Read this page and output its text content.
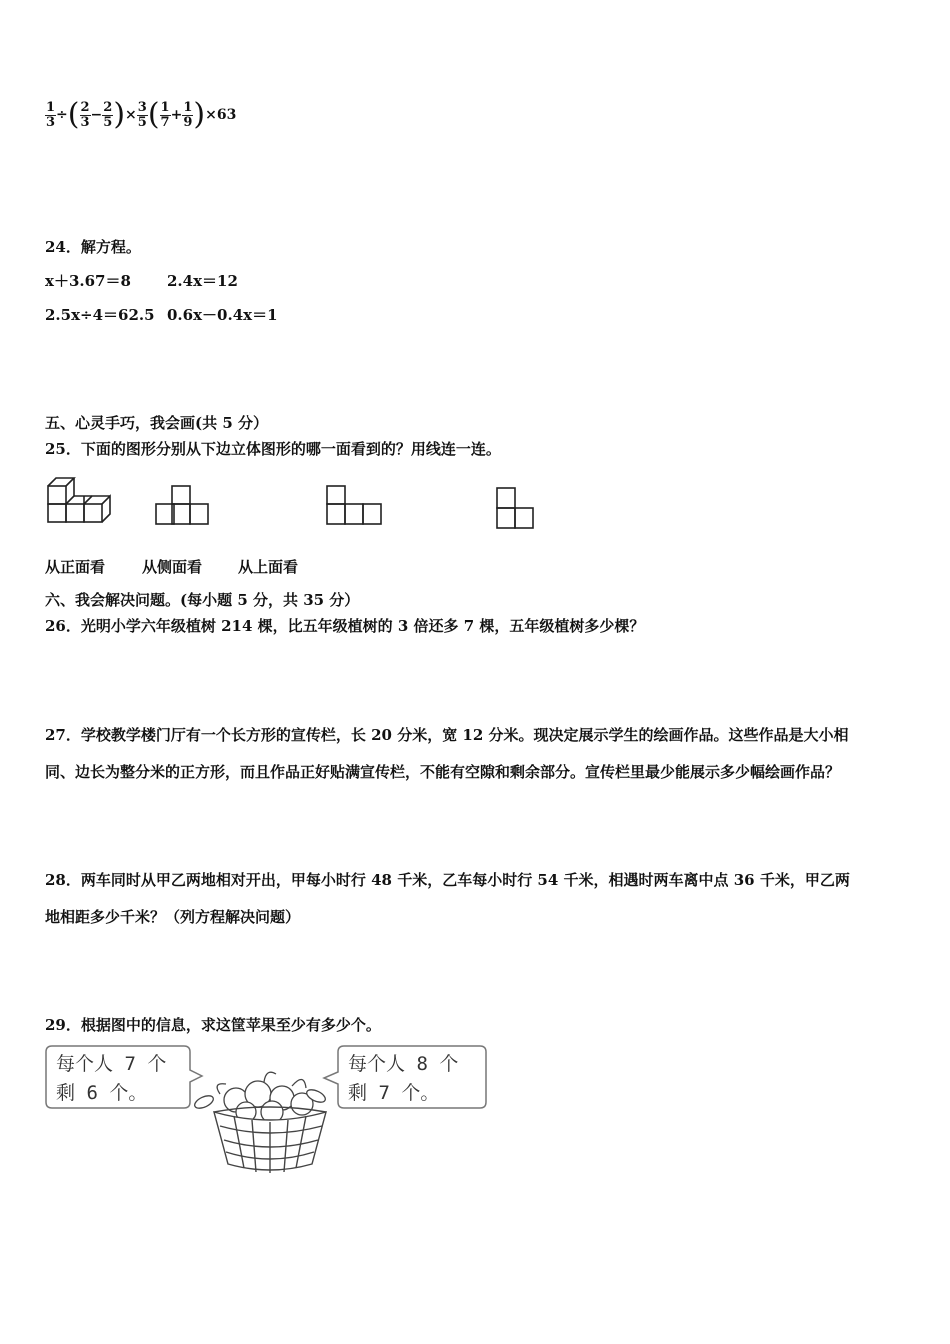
$\frac{1}{3}$ ÷( $\frac{2}{3} - \frac{2}{5}$ )× $\frac{3}{5}$ ( $\frac{1}{7} + \frac{1}{9} )\times 63$
24．解方程。
x＋3.67＝8 2.4x＝12
2.5x÷4＝62.5 0.6x－0.4x＝1
五、心灵手巧，我会画(共 5 分）
25．下面的图形分别从下边立体图形的哪一面看到的？用线连一连。
从正面看 从侧面看 从上面看
六、我会解决问题。(每小题 5 分，共 35 分）
26．光明小学六年级植树 214 棵，比五年级植树的 3 倍还多 7 棵，五年级植树多少棵？
27．学校教学楼门厅有一个长方形的宣传栏，长 20 分米，宽 12 分米。现决定展示学生的绘画作品。这些作品是大小相
同、边长为整分米的正方形，而且作品正好贴满宣传栏，不能有空隙和剩余部分。宣传栏里最少能展示多少幅绘画作品？
28．两车同时从甲乙两地相对开出，甲每小时行 48 千米，乙车每小时行 54 千米，相遇时两车离中点 36 千米，甲乙两
地相距多少千米？（列方程解决问题）
29．根据图中的信息，求这筐苹果至少有多少个。
每个人 7 个
剩 6 个。
每个人 8 个
剩 7 个。
